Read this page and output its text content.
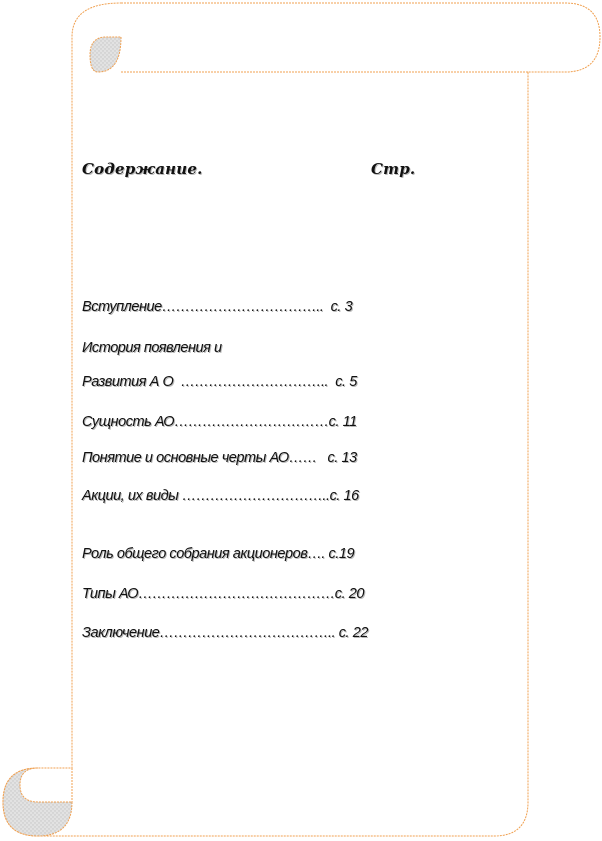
Содержание.	Стр.
Вступление……………………………..  с. 3
История появления и
Развития А О  …………………………..  с. 5
Сущность АО……………………………с. 11
Понятие и основные черты АО……   с. 13
Акции, их виды …………………………..с. 16
Роль общего собрания акционеров…. с.19
Типы АО……………………………………с. 20
Заключение……………………………….. с. 22
